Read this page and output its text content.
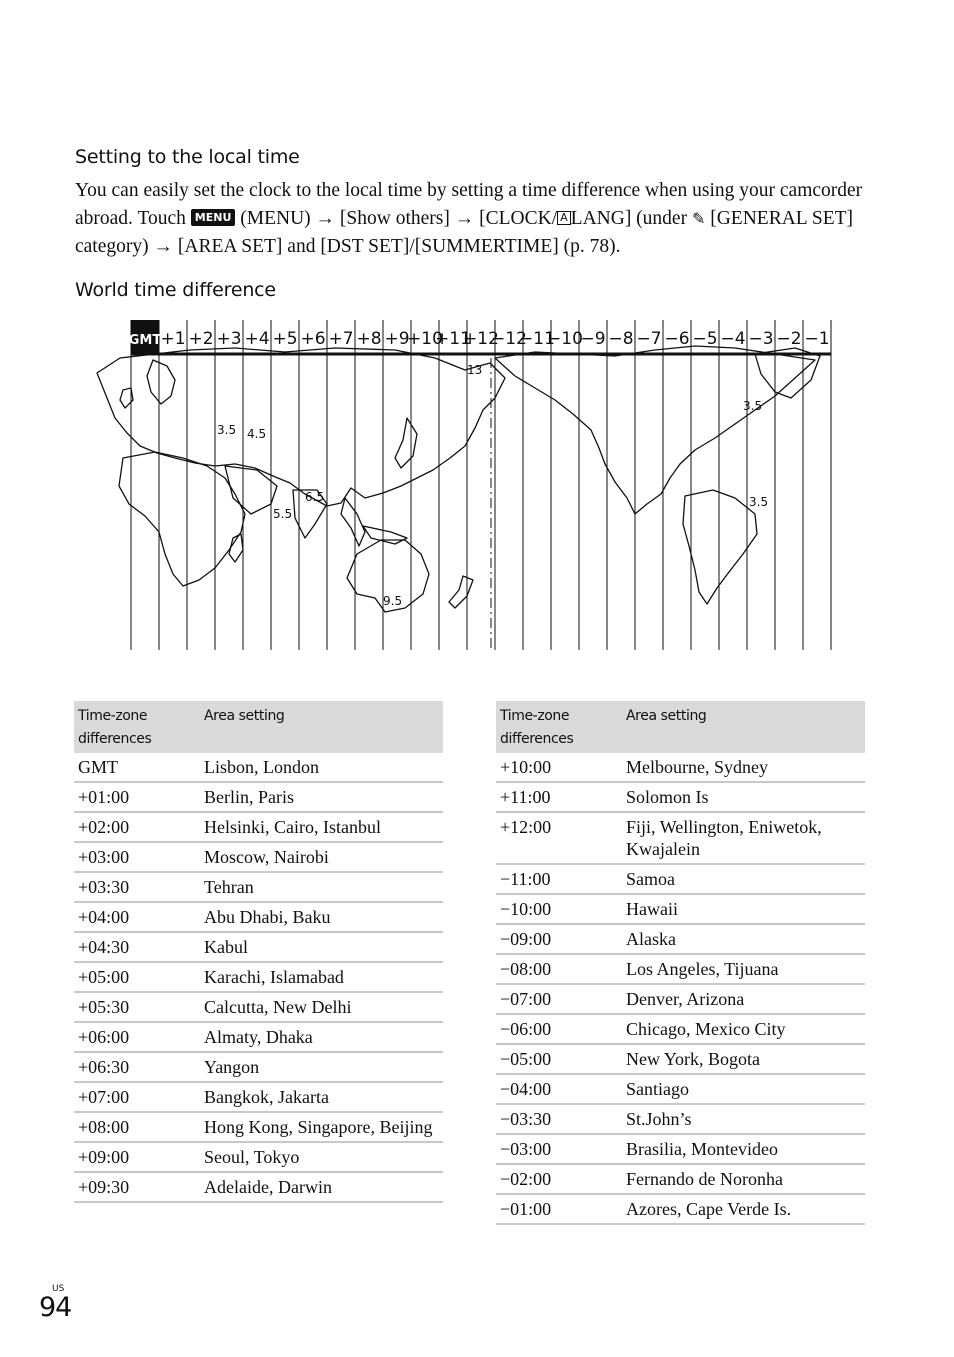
Setting to the local time

You can easily set the clock to the local time by setting a time difference when using your camcorder abroad. Touch MENU (MENU) → [Show others] → [CLOCK/ A LANG] (under ✎ [GENERAL SET] category) → [AREA SET] and [DST SET]/[SUMMERTIME] (p. 78).

World time difference
GMT +1 +2 +3 +4 +5 +6 +7 +8 +9
+10
+11
+12
−12
−11
−10
−9 −8 −7 −6 −5 −4 −3 −2 −1
13
3.5 4.5
5.5
6.5
9.5
3.5
3.5
Time-zone
differences	Area setting
GMT	Lisbon, London
+01:00	Berlin, Paris
+02:00	Helsinki, Cairo, Istanbul
+03:00	Moscow, Nairobi
+03:30	Tehran
+04:00	Abu Dhabi, Baku
+04:30	Kabul
+05:00	Karachi, Islamabad
+05:30	Calcutta, New Delhi
+06:00	Almaty, Dhaka
+06:30	Yangon
+07:00	Bangkok, Jakarta
+08:00	Hong Kong, Singapore, Beijing
+09:00	Seoul, Tokyo
+09:30	Adelaide, Darwin
Time-zone
differences	Area setting
+10:00	Melbourne, Sydney
+11:00	Solomon Is
+12:00	Fiji, Wellington, Eniwetok, Kwajalein
−11:00	Samoa
−10:00	Hawaii
−09:00	Alaska
−08:00	Los Angeles, Tijuana
−07:00	Denver, Arizona
−06:00	Chicago, Mexico City
−05:00	New York, Bogota
−04:00	Santiago
−03:30	St.John’s
−03:00	Brasilia, Montevideo
−02:00	Fernando de Noronha
−01:00	Azores, Cape Verde Is.
US
94
